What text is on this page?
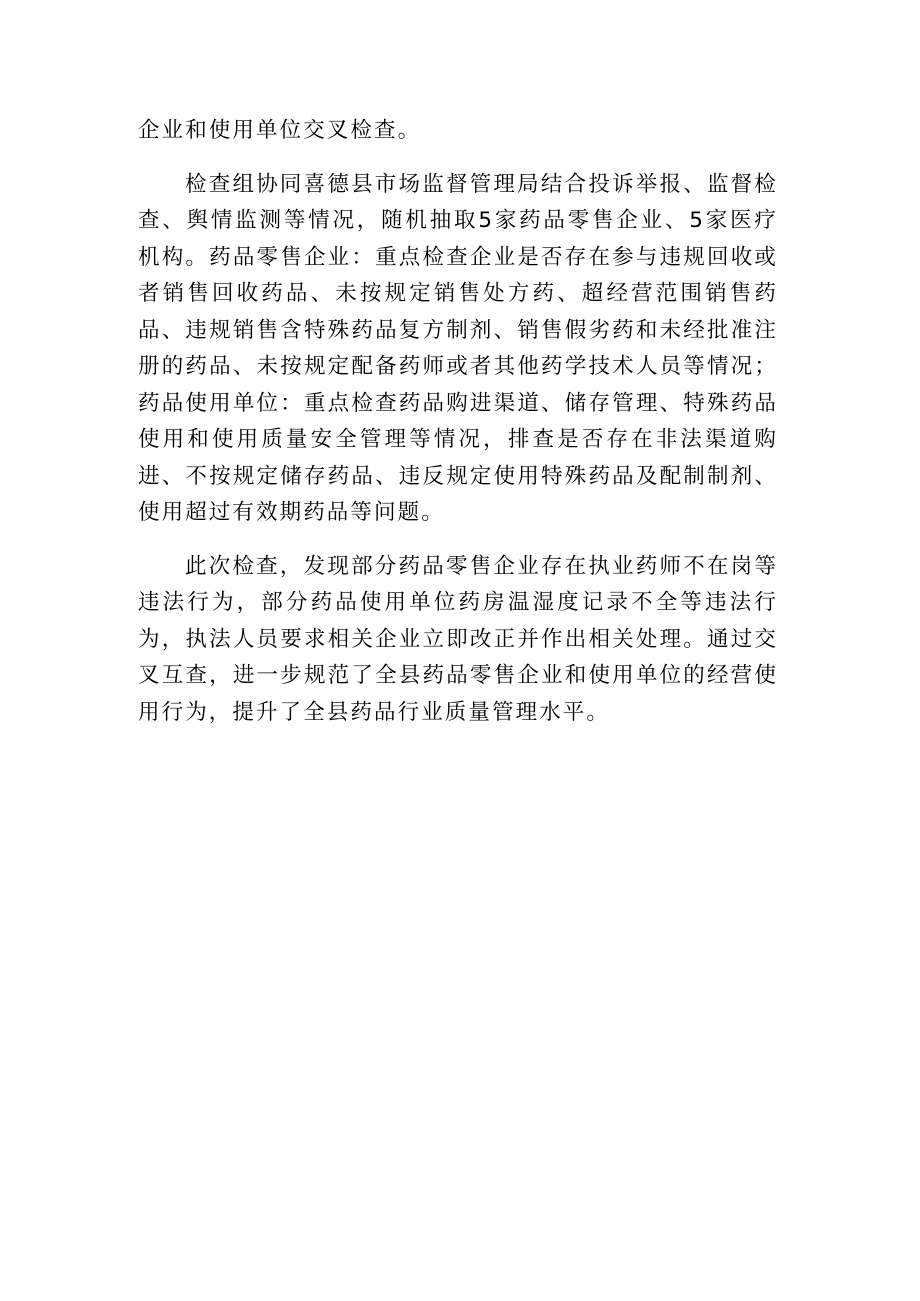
企业和使用单位交叉检查。

检查组协同喜德县市场监督管理局结合投诉举报、监督检查、舆情监测等情况，随机抽取5家药品零售企业、5家医疗机构。药品零售企业：重点检查企业是否存在参与违规回收或者销售回收药品、未按规定销售处方药、超经营范围销售药品、违规销售含特殊药品复方制剂、销售假劣药和未经批准注册的药品、未按规定配备药师或者其他药学技术人员等情况；药品使用单位：重点检查药品购进渠道、储存管理、特殊药品使用和使用质量安全管理等情况，排查是否存在非法渠道购进、不按规定储存药品、违反规定使用特殊药品及配制制剂、使用超过有效期药品等问题。

此次检查，发现部分药品零售企业存在执业药师不在岗等违法行为，部分药品使用单位药房温湿度记录不全等违法行为，执法人员要求相关企业立即改正并作出相关处理。通过交叉互查，进一步规范了全县药品零售企业和使用单位的经营使用行为，提升了全县药品行业质量管理水平。
